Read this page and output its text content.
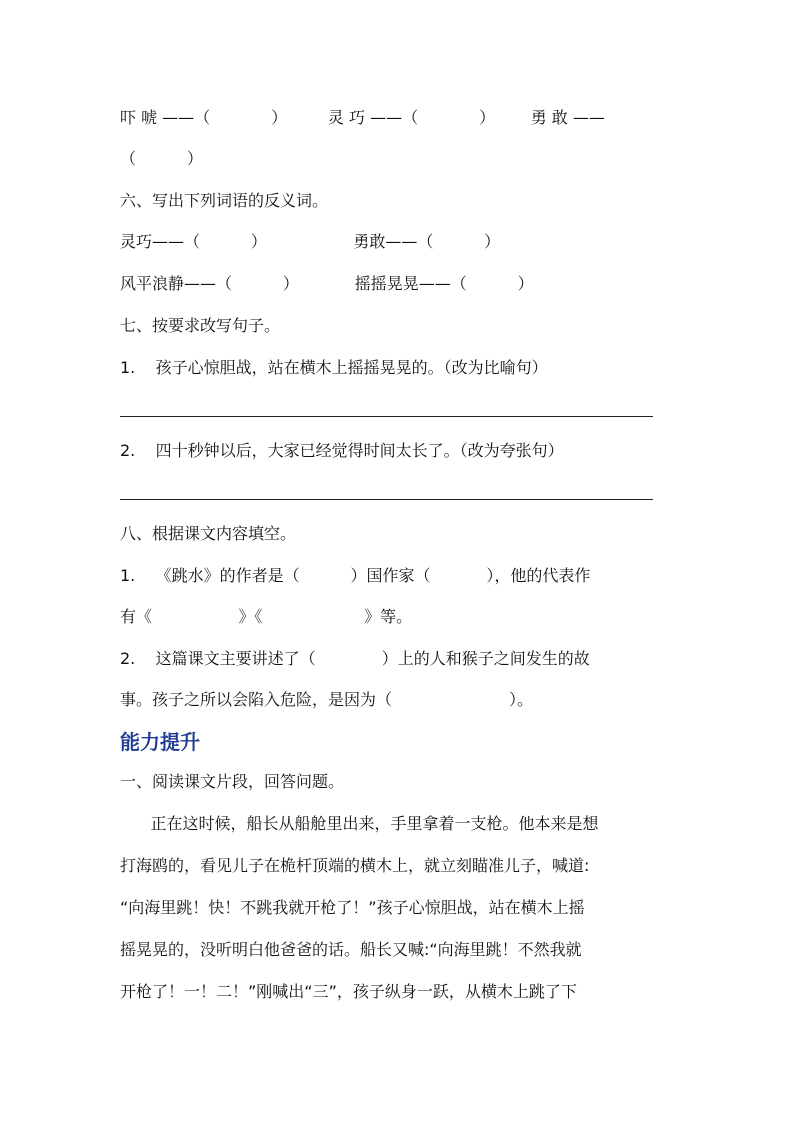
吓 唬 ——（            ）        灵 巧 ——（            ）       勇 敢 ——
（          ）
六、写出下列词语的反义词。
灵巧——（          ）                 勇敢——（          ）
风平浪静——（          ）           摇摇晃晃——（          ）
七、按要求改写句子。
1.    孩子心惊胆战，站在横木上摇摇晃晃的。（改为比喻句）
2.    四十秒钟以后，大家已经觉得时间太长了。（改为夸张句）
八、根据课文内容填空。
1.    《跳水》的作者是（          ）国作家（           ），他的代表作
有《                 》《                    》等。
2.    这篇课文主要讲述了（             ）上的人和猴子之间发生的故
事。孩子之所以会陷入危险，是因为（                       ）。
能力提升
一、阅读课文片段，回答问题。
正在这时候，船长从船舱里出来，手里拿着一支枪。他本来是想
打海鸥的，看见儿子在桅杆顶端的横木上，就立刻瞄准儿子，喊道:
“向海里跳！快！不跳我就开枪了！”孩子心惊胆战，站在横木上摇
摇晃晃的，没听明白他爸爸的话。船长又喊:“向海里跳！不然我就
开枪了！一！二！”刚喊出“三”，孩子纵身一跃，从横木上跳了下
